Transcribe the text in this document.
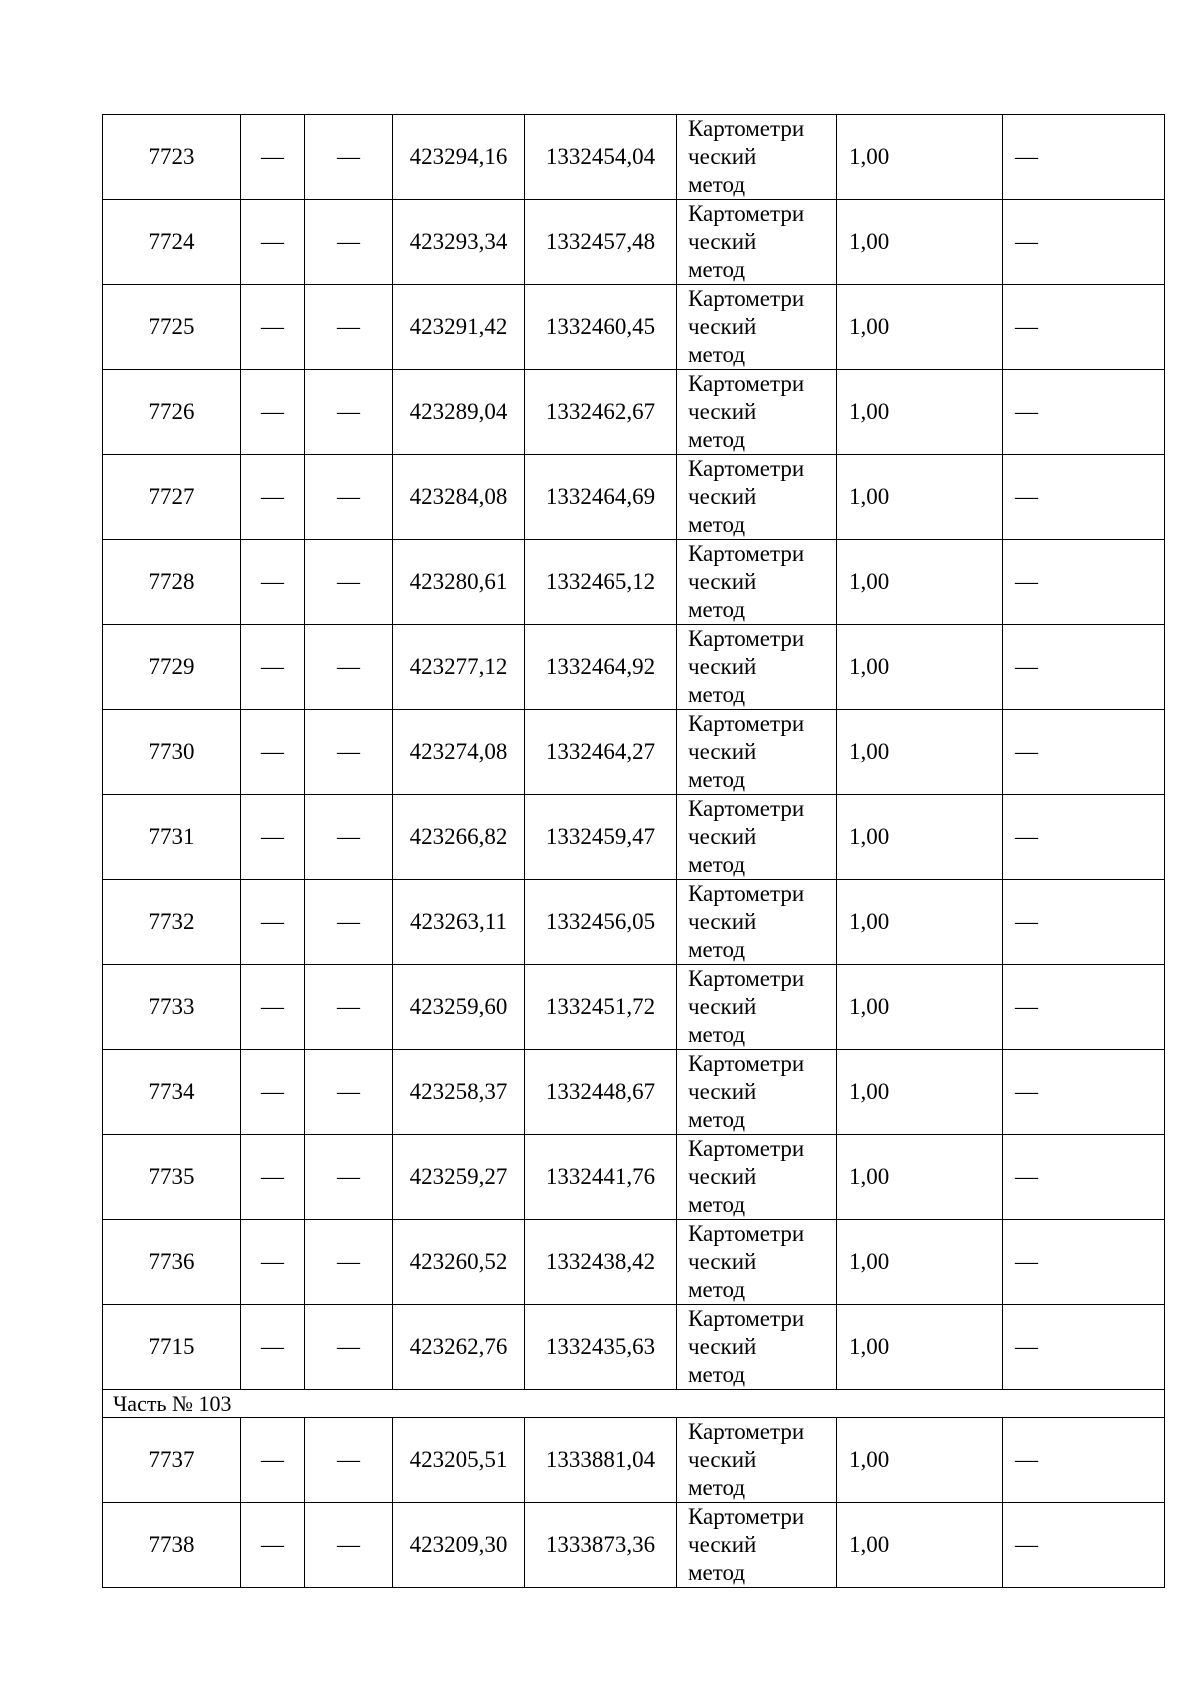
7723	—	—	423294,16	1332454,04	Картометри
ческий
метод	1,00	—
7724	—	—	423293,34	1332457,48	Картометри
ческий
метод	1,00	—
7725	—	—	423291,42	1332460,45	Картометри
ческий
метод	1,00	—
7726	—	—	423289,04	1332462,67	Картометри
ческий
метод	1,00	—
7727	—	—	423284,08	1332464,69	Картометри
ческий
метод	1,00	—
7728	—	—	423280,61	1332465,12	Картометри
ческий
метод	1,00	—
7729	—	—	423277,12	1332464,92	Картометри
ческий
метод	1,00	—
7730	—	—	423274,08	1332464,27	Картометри
ческий
метод	1,00	—
7731	—	—	423266,82	1332459,47	Картометри
ческий
метод	1,00	—
7732	—	—	423263,11	1332456,05	Картометри
ческий
метод	1,00	—
7733	—	—	423259,60	1332451,72	Картометри
ческий
метод	1,00	—
7734	—	—	423258,37	1332448,67	Картометри
ческий
метод	1,00	—
7735	—	—	423259,27	1332441,76	Картометри
ческий
метод	1,00	—
7736	—	—	423260,52	1332438,42	Картометри
ческий
метод	1,00	—
7715	—	—	423262,76	1332435,63	Картометри
ческий
метод	1,00	—
Часть № 103							
7737	—	—	423205,51	1333881,04	Картометри
ческий
метод	1,00	—
7738	—	—	423209,30	1333873,36	Картометри
ческий
метод	1,00	—
